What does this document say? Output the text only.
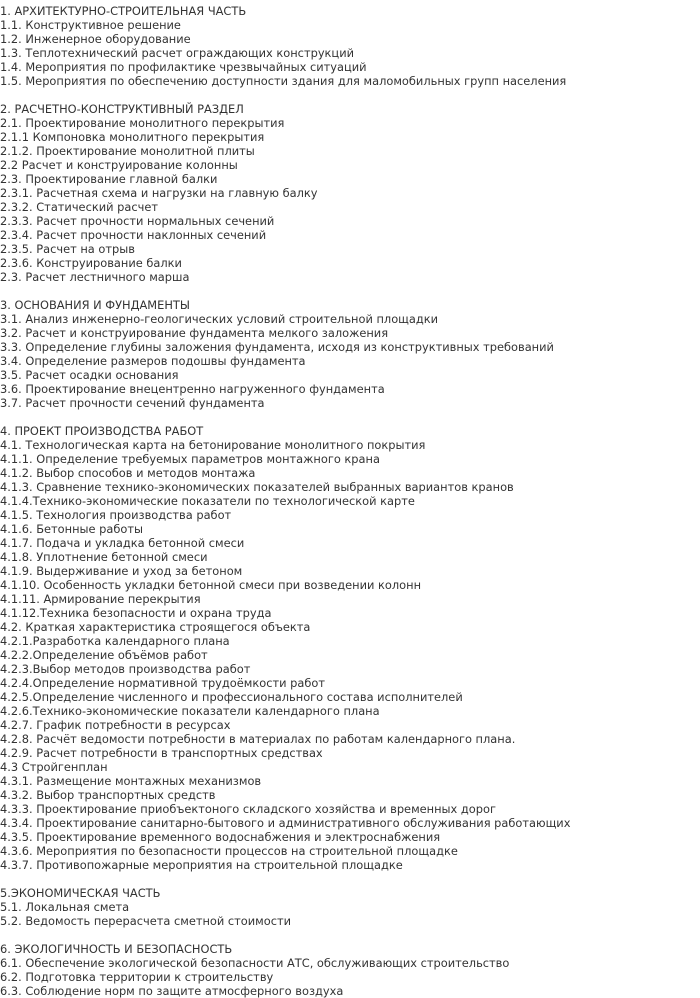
1. АРХИТЕКТУРНО-СТРОИТЕЛЬНАЯ ЧАСТЬ
1.1. Конструктивное решение
1.2. Инженерное оборудование
1.3. Теплотехнический расчет ограждающих конструкций
1.4. Мероприятия по профилактике чрезвычайных ситуаций
1.5. Мероприятия по обеспечению доступности здания для маломобильных групп населения
2. РАСЧЕТНО-КОНСТРУКТИВНЫЙ РАЗДЕЛ
2.1. Проектирование монолитного перекрытия
2.1.1 Компоновка монолитного перекрытия
2.1.2. Проектирование монолитной плиты
2.2 Расчет и конструирование колонны
2.3. Проектирование главной балки
2.3.1. Расчетная схема и нагрузки на главную балку
2.3.2. Статический расчет
2.3.3. Расчет прочности нормальных сечений
2.3.4. Расчет прочности наклонных сечений
2.3.5. Расчет на отрыв
2.3.6. Конструирование балки
2.3. Расчет лестничного марша
3. ОСНОВАНИЯ И ФУНДАМЕНТЫ
3.1. Анализ инженерно-геологических условий строительной площадки
3.2. Расчет и конструирование фундамента мелкого заложения
3.3. Определение глубины заложения фундамента, исходя из конструктивных требований
3.4. Определение размеров подошвы фундамента
3.5. Расчет осадки основания
3.6. Проектирование внецентренно нагруженного фундамента
3.7. Расчет прочности сечений фундамента
4. ПРОЕКТ ПРОИЗВОДСТВА РАБОТ
4.1. Технологическая карта на бетонирование монолитного покрытия
4.1.1. Определение требуемых параметров монтажного крана
4.1.2. Выбор способов и методов монтажа
4.1.3. Сравнение технико-экономических показателей выбранных вариантов кранов
4.1.4.Технико-экономические показатели по технологической карте
4.1.5. Технология производства работ
4.1.6. Бетонные работы
4.1.7. Подача и укладка бетонной смеси
4.1.8. Уплотнение бетонной смеси
4.1.9. Выдерживание и уход за бетоном
4.1.10. Особенность укладки бетонной смеси при возведении колонн
4.1.11. Армирование перекрытия
4.1.12.Техника безопасности и охрана труда
4.2. Краткая характеристика строящегося объекта
4.2.1.Разработка календарного плана
4.2.2.Определение объёмов работ
4.2.3.Выбор методов производства работ
4.2.4.Определение нормативной трудоёмкости работ
4.2.5.Определение численного и профессионального состава исполнителей
4.2.6.Технико-экономические показатели календарного плана
4.2.7. График потребности в ресурсах
4.2.8. Расчёт ведомости потребности в материалах по работам календарного плана.
4.2.9. Расчет потребности в транспортных средствах
4.3 Стройгенплан
4.3.1. Размещение монтажных механизмов
4.3.2. Выбор транспортных средств
4.3.3. Проектирование приобъектоного складского хозяйства и временных дорог
4.3.4. Проектирование санитарно-бытового и административного обслуживания работающих
4.3.5. Проектирование временного водоснабжения и электроснабжения
4.3.6. Мероприятия по безопасности процессов на строительной площадке
4.3.7. Противопожарные мероприятия на строительной площадке
5.ЭКОНОМИЧЕСКАЯ ЧАСТЬ
5.1. Локальная смета
5.2. Ведомость перерасчета сметной стоимости
6. ЭКОЛОГИЧНОСТЬ И БЕЗОПАСНОСТЬ
6.1. Обеспечение экологической безопасности АТС, обслуживающих строительство
6.2. Подготовка территории к строительству
6.3. Соблюдение норм по защите атмосферного воздуха
